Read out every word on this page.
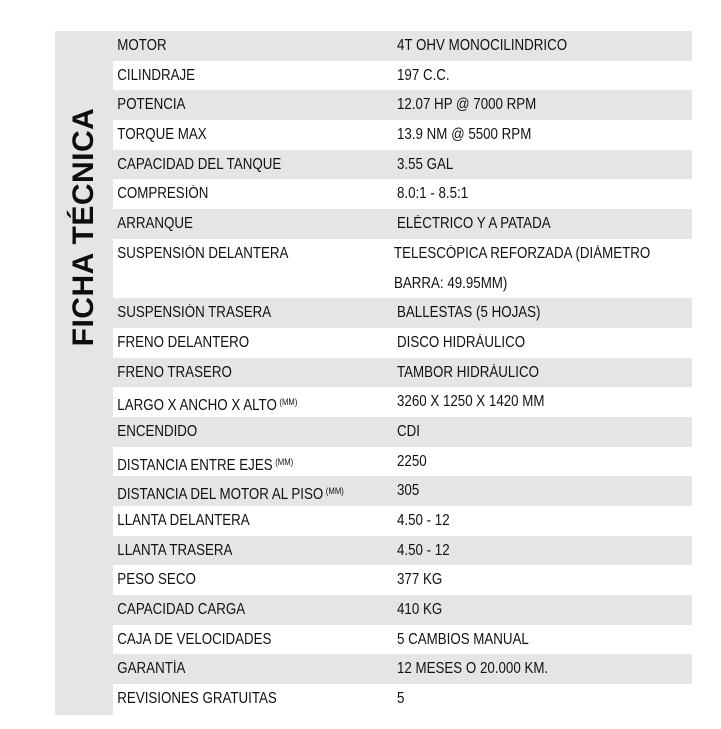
FICHA TÉCNICA
MOTOR	4T OHV MONOCILINDRICO
CILINDRAJE	197 C.C.
POTENCIA	12.07 HP @ 7000 RPM
TORQUE MAX	13.9 NM @ 5500 RPM
CAPACIDAD DEL TANQUE	3.55 GAL
COMPRESIÓN	8.0:1 - 8.5:1
ARRANQUE	ELÉCTRICO Y A PATADA
SUSPENSIÓN DELANTERA	TELESCÓPICA REFORZADA (DIÁMETRO
BARRA: 49.95MM)
SUSPENSIÓN TRASERA	BALLESTAS (5 HOJAS)
FRENO DELANTERO	DISCO HIDRÁULICO
FRENO TRASERO	TAMBOR HIDRÁULICO
LARGO X ANCHO X ALTO $^{(MM)}$	3260 X 1250 X 1420 MM
ENCENDIDO	CDI
DISTANCIA ENTRE EJES $^{(MM)}$	2250
DISTANCIA DEL MOTOR AL PISO $^{(MM)}$	305
LLANTA DELANTERA	4.50 - 12
LLANTA TRASERA	4.50 - 12
PESO SECO	377 KG
CAPACIDAD CARGA	410 KG
CAJA DE VELOCIDADES	5 CAMBIOS MANUAL
GARANTÍA	12 MESES O 20.000 KM.
REVISIONES GRATUITAS	5
